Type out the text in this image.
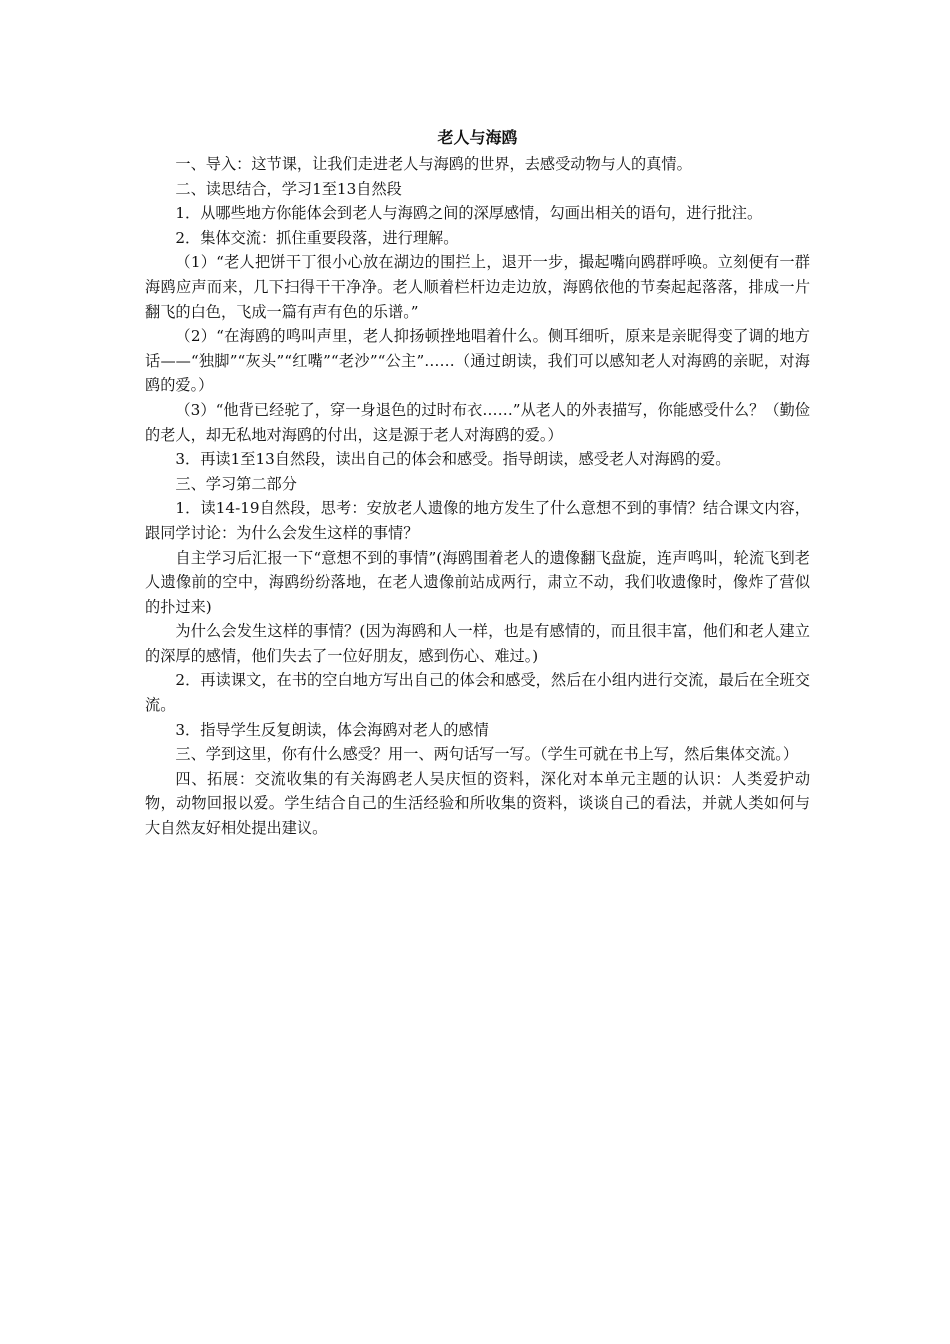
老人与海鸥

一、导入：这节课，让我们走进老人与海鸥的世界，去感受动物与人的真情。

二、读思结合，学习1至13自然段

1．从哪些地方你能体会到老人与海鸥之间的深厚感情，勾画出相关的语句，进行批注。

2．集体交流：抓住重要段落，进行理解。

（1）“老人把饼干丁很小心放在湖边的围拦上，退开一步，撮起嘴向鸥群呼唤。立刻便有一群海鸥应声而来，几下扫得干干净净。老人顺着栏杆边走边放，海鸥依他的节奏起起落落，排成一片翻飞的白色，飞成一篇有声有色的乐谱。”

（2）“在海鸥的鸣叫声里，老人抑扬顿挫地唱着什么。侧耳细听，原来是亲昵得变了调的地方话——“独脚”“灰头”“红嘴”“老沙”“公主”……（通过朗读，我们可以感知老人对海鸥的亲昵，对海鸥的爱。）

（3）“他背已经驼了，穿一身退色的过时布衣……”从老人的外表描写，你能感受什么？（勤俭的老人，却无私地对海鸥的付出，这是源于老人对海鸥的爱。）

3．再读1至13自然段，读出自己的体会和感受。指导朗读，感受老人对海鸥的爱。

三、学习第二部分

1．读14-19自然段，思考：安放老人遗像的地方发生了什么意想不到的事情？结合课文内容，跟同学讨论：为什么会发生这样的事情？

自主学习后汇报一下“意想不到的事情”(海鸥围着老人的遗像翻飞盘旋，连声鸣叫，轮流飞到老人遗像前的空中，海鸥纷纷落地，在老人遗像前站成两行，肃立不动，我们收遗像时，像炸了营似的扑过来)

为什么会发生这样的事情？(因为海鸥和人一样，也是有感情的，而且很丰富，他们和老人建立的深厚的感情，他们失去了一位好朋友，感到伤心、难过。)

2．再读课文，在书的空白地方写出自己的体会和感受，然后在小组内进行交流，最后在全班交流。

3．指导学生反复朗读，体会海鸥对老人的感情

三、学到这里，你有什么感受？用一、两句话写一写。（学生可就在书上写，然后集体交流。）

四、拓展：交流收集的有关海鸥老人吴庆恒的资料，深化对本单元主题的认识：人类爱护动物，动物回报以爱。学生结合自己的生活经验和所收集的资料，谈谈自己的看法，并就人类如何与大自然友好相处提出建议。
